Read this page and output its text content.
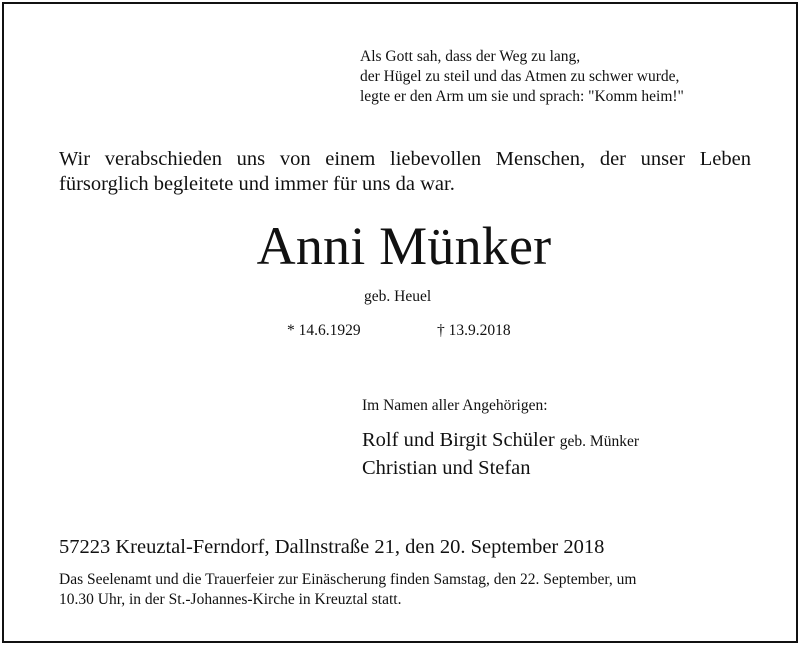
Als Gott sah, dass der Weg zu lang,
der Hügel zu steil und das Atmen zu schwer wurde,
legte er den Arm um sie und sprach: "Komm heim!"
Wir verabschieden uns von einem liebevollen Menschen, der unser Leben
fürsorglich begleitete und immer für uns da war.
Anni Münker
geb. Heuel
* 14.6.1929	† 13.9.2018
Im Namen aller Angehörigen:
Rolf und Birgit Schüler geb. Münker
Christian und Stefan
57223 Kreuztal-Ferndorf, Dallnstraße 21, den 20. September 2018
Das Seelenamt und die Trauerfeier zur Einäscherung finden Samstag, den 22. September, um
10.30 Uhr, in der St.-Johannes-Kirche in Kreuztal statt.
